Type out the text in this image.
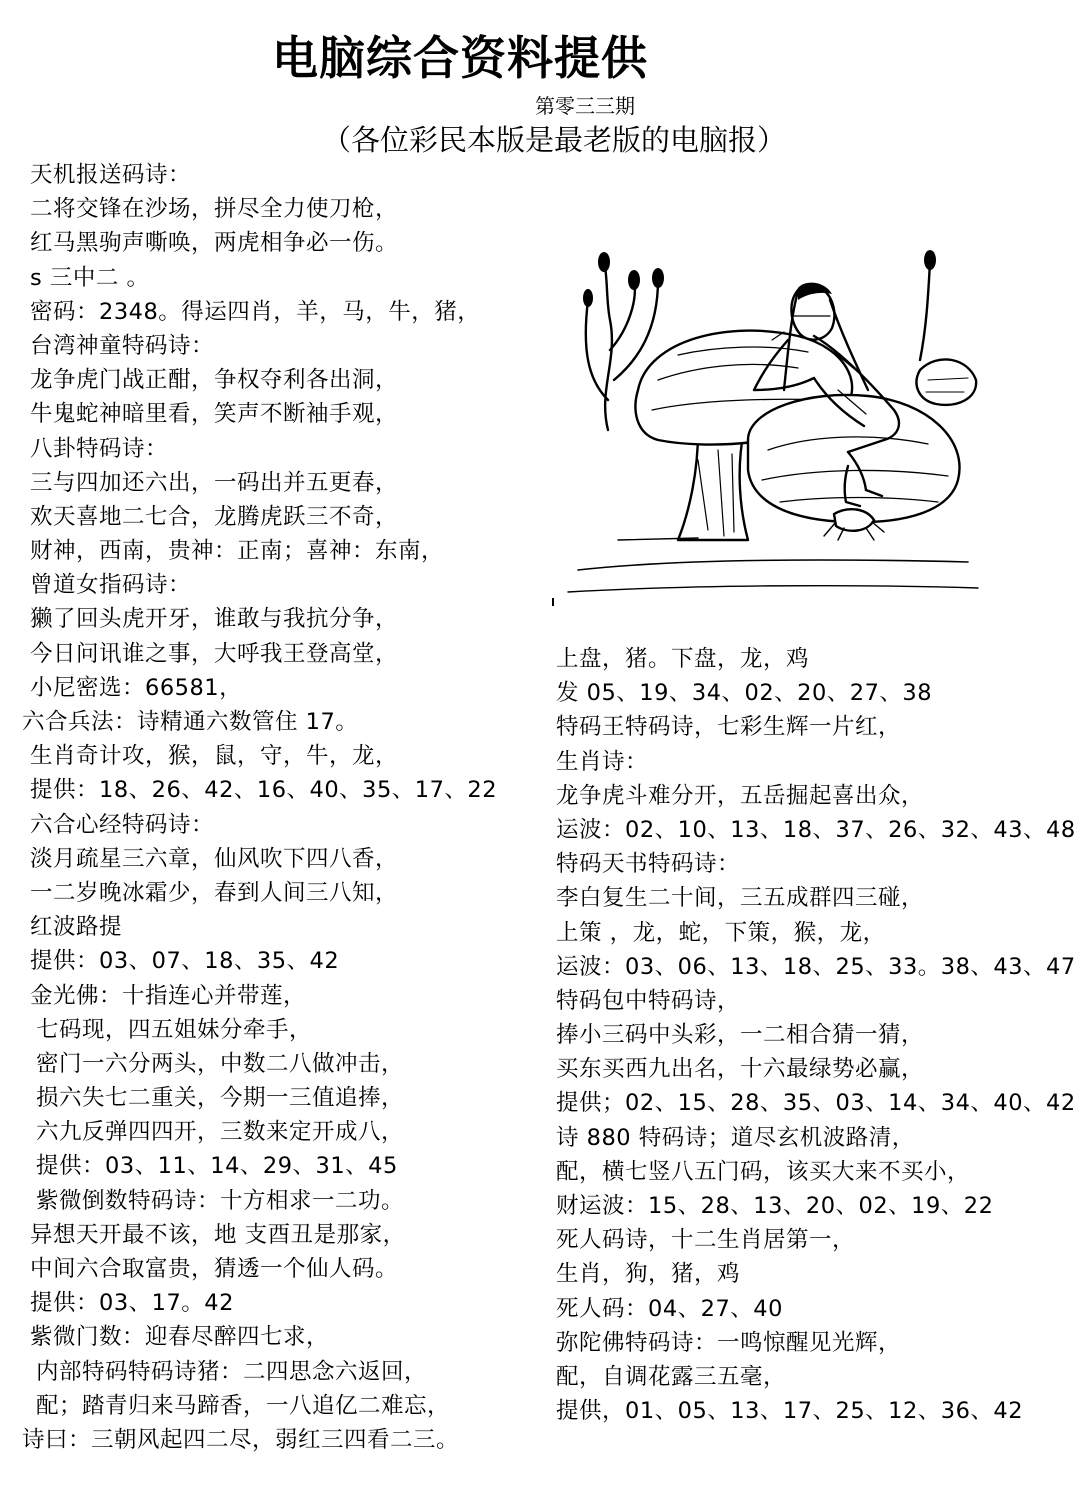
电脑综合资料提供
第零三三期
（各位彩民本版是最老版的电脑报）
天机报送码诗：
二将交锋在沙场，拼尽全力使刀枪，
红马黑驹声嘶唤，两虎相争必一伤。
s 三中二 。
密码：2348。得运四肖，羊，马，牛，猪，
台湾神童特码诗：
龙争虎门战正酣，争权夺利各出洞，
牛鬼蛇神暗里看，笑声不断袖手观，
八卦特码诗：
三与四加还六出，一码出并五更春，
欢天喜地二七合，龙腾虎跃三不奇，
财神，西南，贵神：正南；喜神：东南，
曾道女指码诗：
獭了回头虎开牙，谁敢与我抗分争，
今日问讯谁之事，大呼我王登高堂，
小尼密选：66581，
六合兵法：诗精通六数管住 17。
生肖奇计攻，猴，鼠，守，牛，龙，
提供：18、26、42、16、40、35、17、22
六合心经特码诗：
淡月疏星三六章，仙风吹下四八香，
一二岁晚冰霜少，春到人间三八知，
红波路提
提供：03、07、18、35、42
金光佛：十指连心并带莲，
七码现，四五姐妹分牵手，
密门一六分两头，中数二八做冲击，
损六失七二重关，今期一三值追捧，
六九反弹四四开，三数来定开成八，
提供：03、11、14、29、31、45
紫微倒数特码诗：十方相求一二功。
异想天开最不该，地 支酉丑是那家，
中间六合取富贵，猜透一个仙人码。
提供：03、17。42
紫微门数：迎春尽醉四七求，
内部特码特码诗猪：二四思念六返回，
配；踏青归来马蹄香，一八追亿二难忘，
诗曰：三朝风起四二尽，弱红三四看二三。
上盘，猪。下盘，龙，鸡
发 05、19、34、02、20、27、38
特码王特码诗，七彩生辉一片红，
生肖诗：
龙争虎斗难分开，五岳掘起喜出众，
运波：02、10、13、18、37、26、32、43、48
特码天书特码诗：
李白复生二十间，三五成群四三碰，
上策 ，龙，蛇，下策，猴，龙，
运波：03、06、13、18、25、33。38、43、47
特码包中特码诗，
捧小三码中头彩，一二相合猜一猜，
买东买西九出名，十六最绿势必赢，
提供；02、15、28、35、03、14、34、40、42
诗 880 特码诗；道尽玄机波路清，
配，横七竖八五门码，该买大来不买小，
财运波：15、28、13、20、02、19、22
死人码诗，十二生肖居第一，
生肖，狗，猪，鸡
死人码：04、27、40
弥陀佛特码诗：一鸣惊醒见光辉，
配，自调花露三五毫，
提供，01、05、13、17、25、12、36、42
